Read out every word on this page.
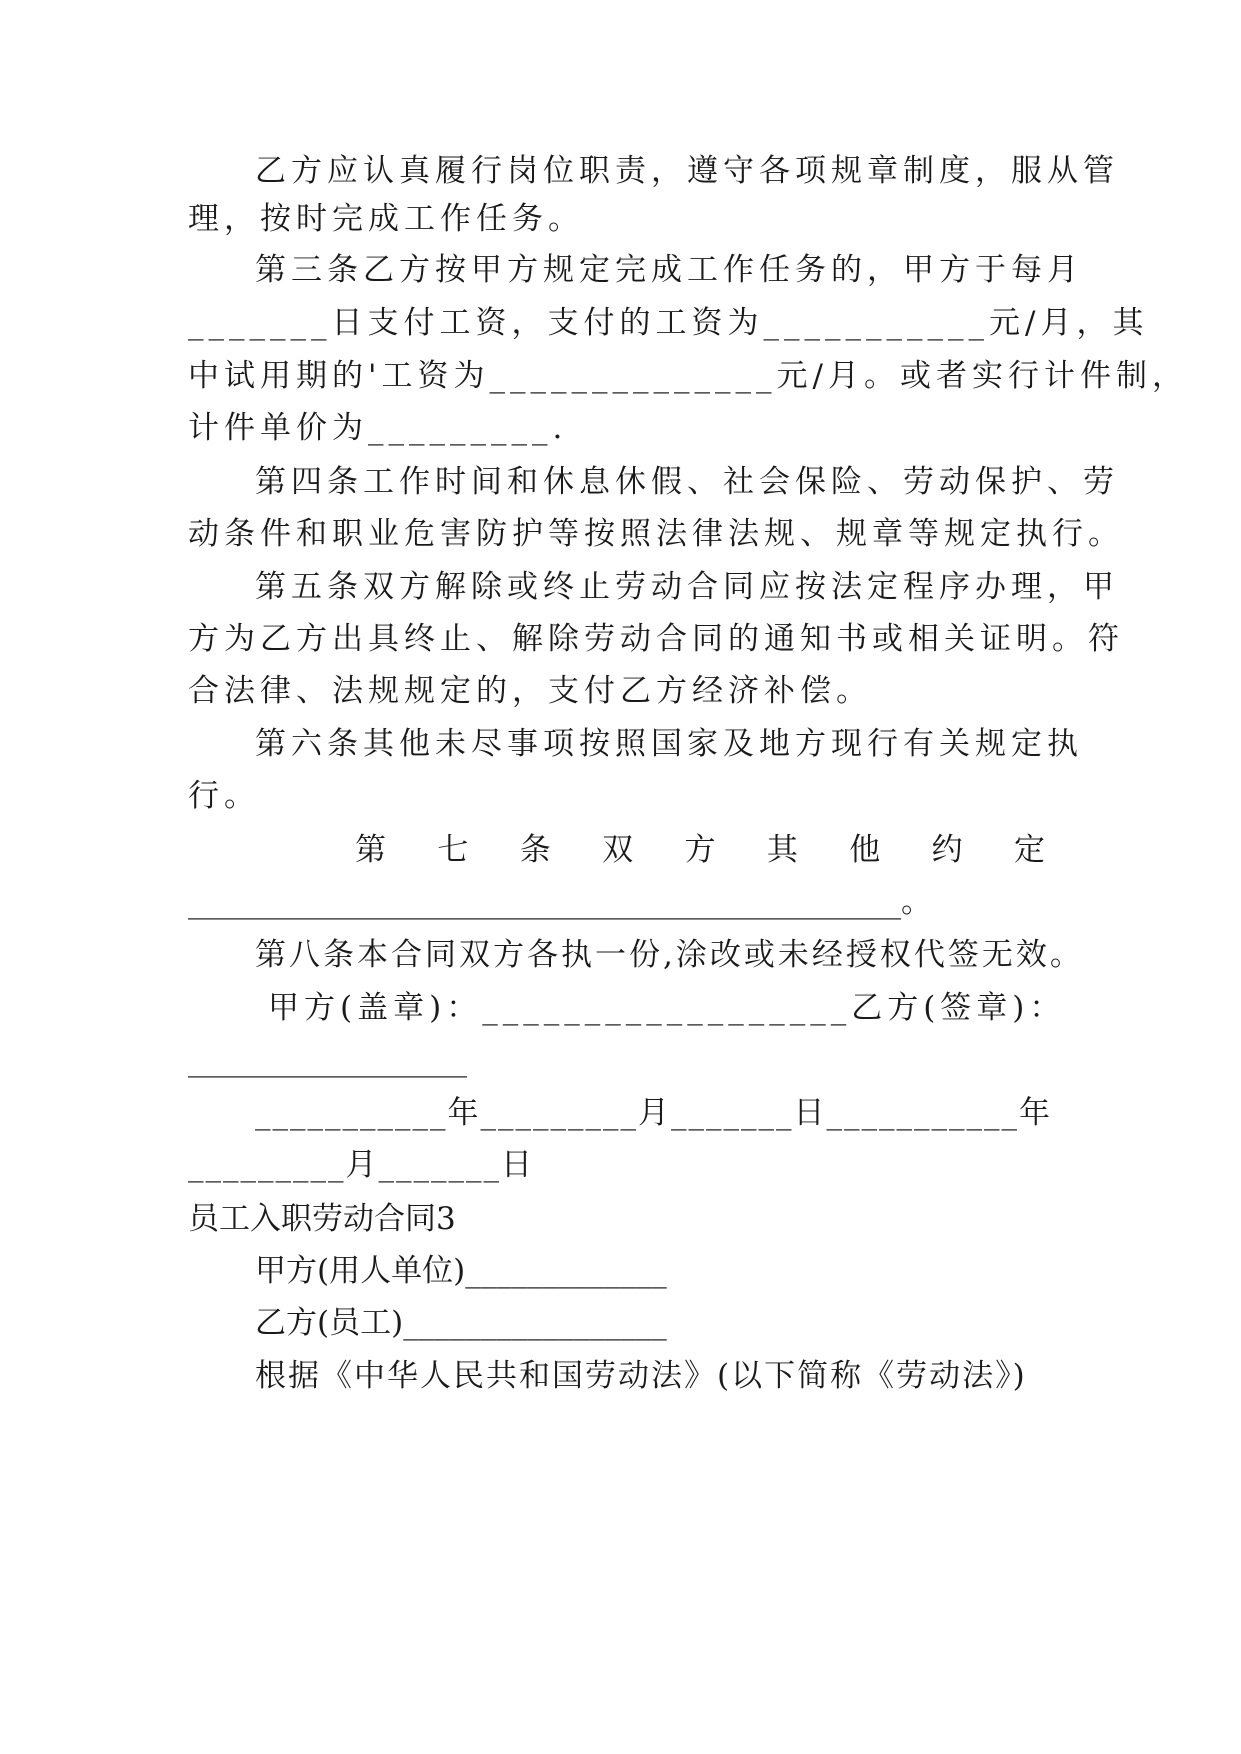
乙方应认真履行岗位职责，遵守各项规章制度，服从管
理，按时完成工作任务。
第三条乙方按甲方规定完成工作任务的，甲方于每月
_______日支付工资，支付的工资为___________元/月，其
中试用期的'工资为______________元/月。或者实行计件制，
计件单价为_________.
第四条工作时间和休息休假、社会保险、劳动保护、劳
动条件和职业危害防护等按照法律法规、规章等规定执行。
第五条双方解除或终止劳动合同应按法定程序办理，甲
方为乙方出具终止、解除劳动合同的通知书或相关证明。符
合法律、法规规定的，支付乙方经济补偿。
第六条其他未尽事项按照国家及地方现行有关规定执
行。
第 七 条 双 方 其 他 约 定
______________________________________________。
第八条本合同双方各执一份,涂改或未经授权代签无效。
甲方(盖章)：__________________乙方(签章)：
__________________
___________年_________月_______日___________年
_________月_______日
员工入职劳动合同3
甲方(用人单位)_____________
乙方(员工)_________________
根据《中华人民共和国劳动法》(以下简称《劳动法》)
